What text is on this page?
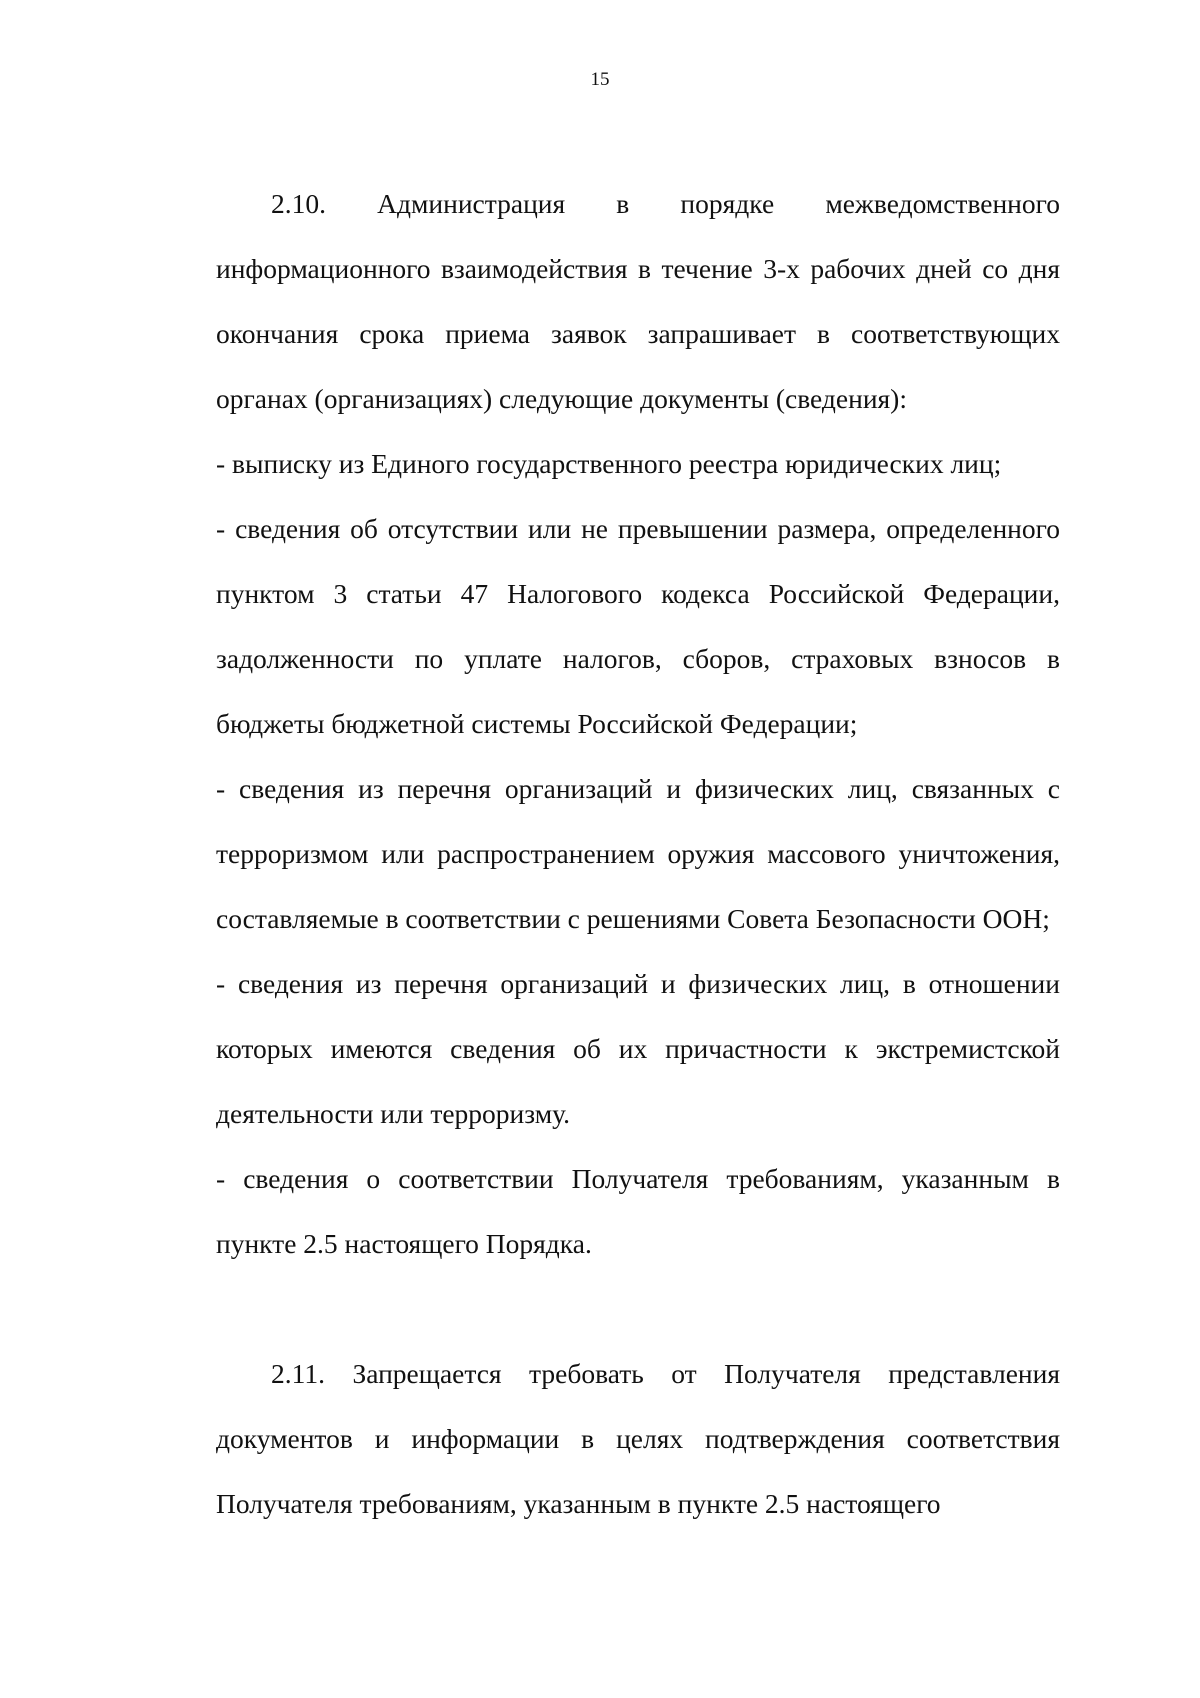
15

2.10. Администрация в порядке межведомственного информационного взаимодействия в течение 3-х рабочих дней со дня окончания срока приема заявок запрашивает в соответствующих органах (организациях) следующие документы (сведения):

- выписку из Единого государственного реестра юридических лиц;

- сведения об отсутствии или не превышении размера, определенного пунктом 3 статьи 47 Налогового кодекса Российской Федерации, задолженности по уплате налогов, сборов, страховых взносов в бюджеты бюджетной системы Российской Федерации;

- сведения из перечня организаций и физических лиц, связанных с терроризмом или распространением оружия массового уничтожения, составляемые в соответствии с решениями Совета Безопасности ООН;

- сведения из перечня организаций и физических лиц, в отношении которых имеются сведения об их причастности к экстремистской деятельности или терроризму.

- сведения о соответствии Получателя требованиям, указанным в пункте 2.5 настоящего Порядка.

2.11. Запрещается требовать от Получателя представления документов и информации в целях подтверждения соответствия Получателя требованиям, указанным в пункте 2.5 настоящего
